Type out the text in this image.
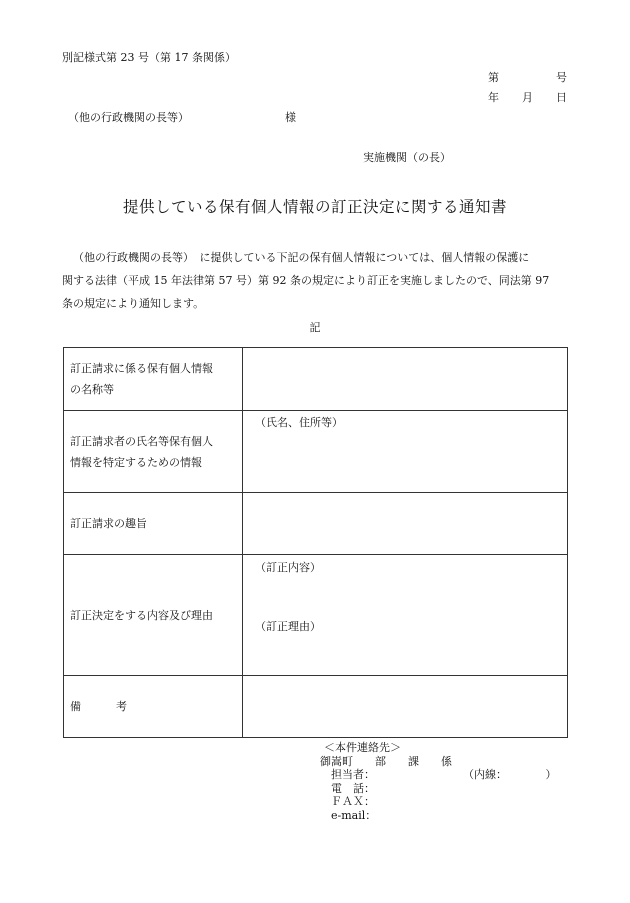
別記様式第 23 号（第 17 条関係）
第	号
年 月 日
（他の行政機関の長等）	様
実施機関（の長）
提供している保有個人情報の訂正決定に関する通知書

（他の行政機関の長等）　に提供している下記の保有個人情報については、個人情報の保護に

関する法律（平成 15 年法律第 57 号）第 92 条の規定により訂正を実施しましたので、同法第 97

条の規定により通知します。

記
訂正請求に係る保有個人情報
の名称等	

訂正請求者の氏名等保有個人
情報を特定するための情報	（氏名、住所等）

訂正請求の趣旨	
訂正決定をする内容及び理由	（訂正内容）
（訂正理由）

備 考	
＜本件連絡先＞
御嵩町　　部　　課　　係
担当者：	（内線：　　　　）
電　話：
ＦＡＸ：
e-mail：
